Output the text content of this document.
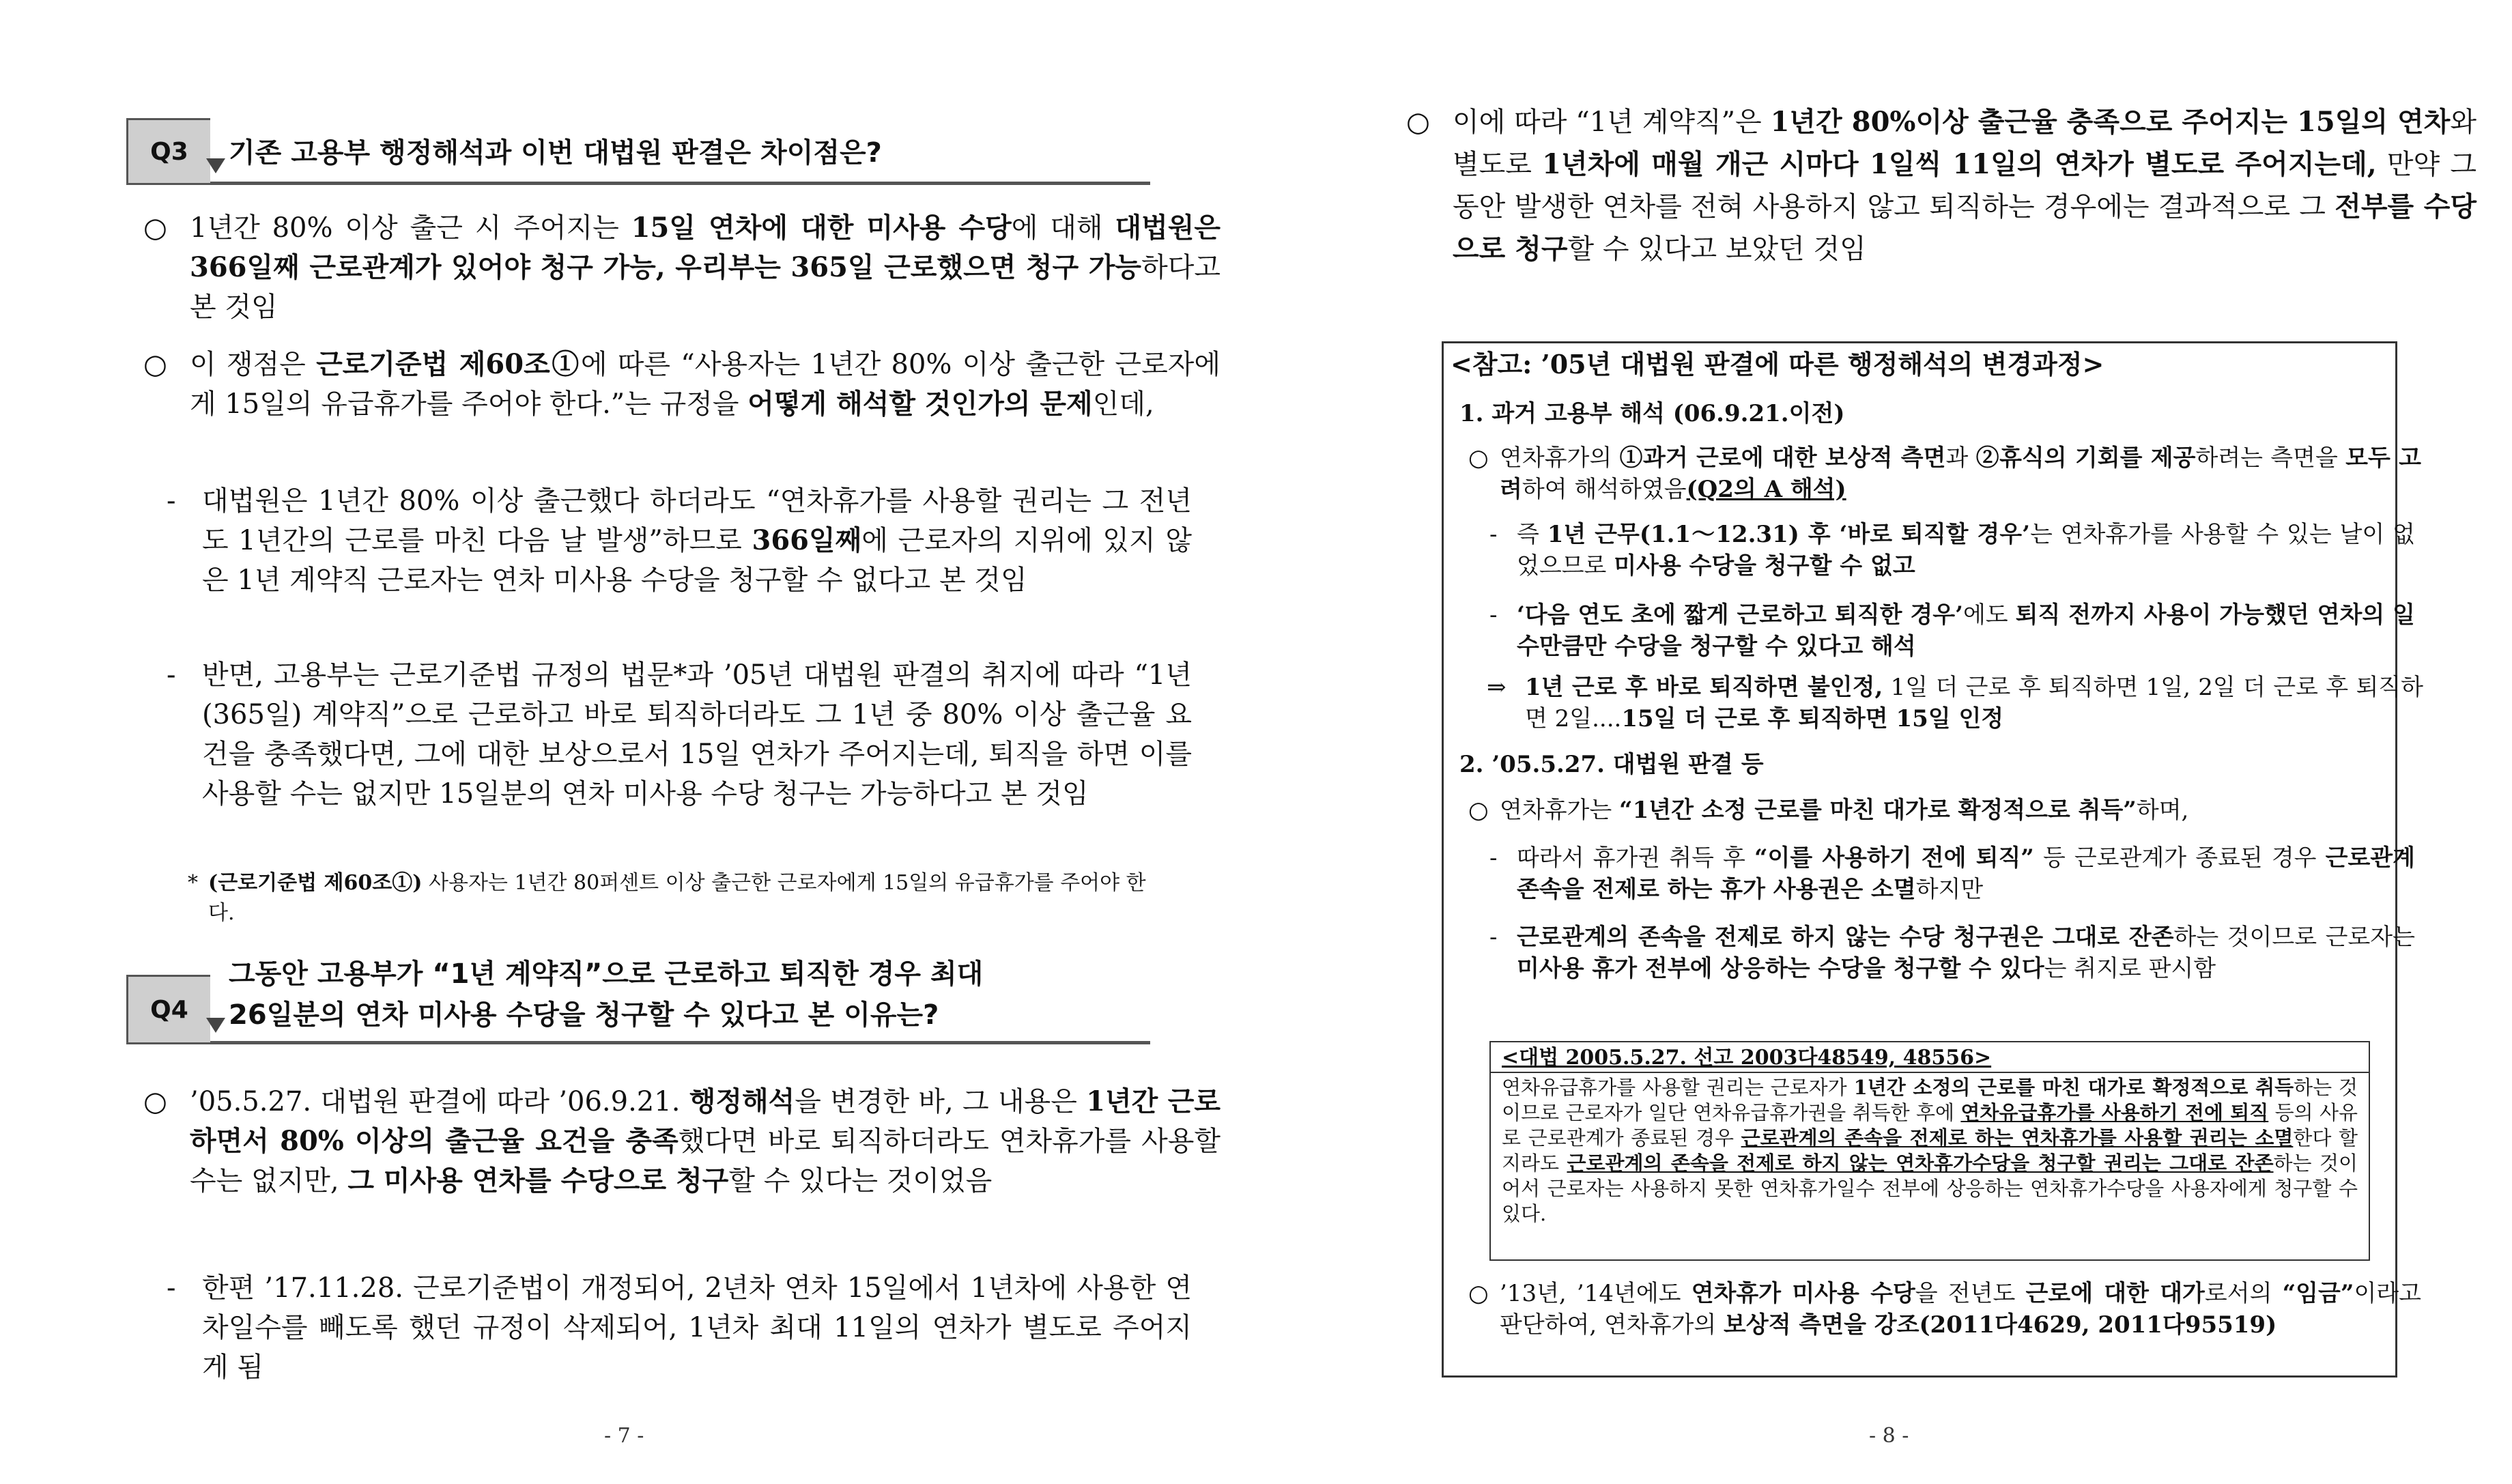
Q3 기존 고용부 행정해석과 이번 대법원 판결은 차이점은?
○ 1년간 80% 이상 출근 시 주어지는 15일 연차에 대한 미사용 수당에 대해 대법원은 366일째 근로관계가 있어야 청구 가능, 우리부는 365일 근로했으면 청구 가능하다고 본 것임
○ 이 쟁점은 근로기준법 제60조①에 따른 “사용자는 1년간 80% 이상 출근한 근로자에게 15일의 유급휴가를 주어야 한다.”는 규정을 어떻게 해석할 것인가의 문제인데,
- 대법원은 1년간 80% 이상 출근했다 하더라도 “연차휴가를 사용할 권리는 그 전년도 1년간의 근로를 마친 다음 날 발생”하므로 366일째에 근로자의 지위에 있지 않은 1년 계약직 근로자는 연차 미사용 수당을 청구할 수 없다고 본 것임
- 반면, 고용부는 근로기준법 규정의 법문*과 ’05년 대법원 판결의 취지에 따라 “1년(365일) 계약직”으로 근로하고 바로 퇴직하더라도 그 1년 중 80% 이상 출근율 요건을 충족했다면, 그에 대한 보상으로서 15일 연차가 주어지는데, 퇴직을 하면 이를 사용할 수는 없지만 15일분의 연차 미사용 수당 청구는 가능하다고 본 것임
* (근로기준법 제60조①) 사용자는 1년간 80퍼센트 이상 출근한 근로자에게 15일의 유급휴가를 주어야 한다.
Q4
그동안 고용부가 “1년 계약직”으로 근로하고 퇴직한 경우 최대
26일분의 연차 미사용 수당을 청구할 수 있다고 본 이유는?
○ ’05.5.27. 대법원 판결에 따라 ’06.9.21. 행정해석을 변경한 바, 그 내용은 1년간 근로하면서 80% 이상의 출근율 요건을 충족했다면 바로 퇴직하더라도 연차휴가를 사용할 수는 없지만, 그 미사용 연차를 수당으로 청구할 수 있다는 것이었음
- 한편 ’17.11.28. 근로기준법이 개정되어, 2년차 연차 15일에서 1년차에 사용한 연차일수를 빼도록 했던 규정이 삭제되어, 1년차 최대 11일의 연차가 별도로 주어지게 됨
- 7 -
○ 이에 따라 “1년 계약직”은 1년간 80%이상 출근율 충족으로 주어지는 15일의 연차와 별도로 1년차에 매월 개근 시마다 1일씩 11일의 연차가 별도로 주어지는데, 만약 그동안 발생한 연차를 전혀 사용하지 않고 퇴직하는 경우에는 결과적으로 그 전부를 수당으로 청구할 수 있다고 보았던 것임
<참고: ’05년 대법원 판결에 따른 행정해석의 변경과정>
1. 과거 고용부 해석 (06.9.21.이전)
○ 연차휴가의 ①과거 근로에 대한 보상적 측면과 ②휴식의 기회를 제공하려는 측면을 모두 고려하여 해석하였음(Q2의 A 해석)
- 즉 1년 근무(1.1～12.31) 후 ‘바로 퇴직할 경우’는 연차휴가를 사용할 수 있는 날이 없었으므로 미사용 수당을 청구할 수 없고
- ‘다음 연도 초에 짧게 근로하고 퇴직한 경우’에도 퇴직 전까지 사용이 가능했던 연차의 일수만큼만 수당을 청구할 수 있다고 해석
⇒ 1년 근로 후 바로 퇴직하면 불인정, 1일 더 근로 후 퇴직하면 1일, 2일 더 근로 후 퇴직하면 2일....15일 더 근로 후 퇴직하면 15일 인정
2. ’05.5.27. 대법원 판결 등
○ 연차휴가는 “1년간 소정 근로를 마친 대가로 확정적으로 취득”하며,
- 따라서 휴가권 취득 후 “이를 사용하기 전에 퇴직” 등 근로관계가 종료된 경우 근로관계 존속을 전제로 하는 휴가 사용권은 소멸하지만
- 근로관계의 존속을 전제로 하지 않는 수당 청구권은 그대로 잔존하는 것이므로 근로자는 미사용 휴가 전부에 상응하는 수당을 청구할 수 있다는 취지로 판시함
<대법 2005.5.27. 선고 2003다48549, 48556>
연차유급휴가를 사용할 권리는 근로자가 1년간 소정의 근로를 마친 대가로 확정적으로 취득하는 것이므로 근로자가 일단 연차유급휴가권을 취득한 후에 연차유급휴가를 사용하기 전에 퇴직 등의 사유로 근로관계가 종료된 경우 근로관계의 존속을 전제로 하는 연차휴가를 사용할 권리는 소멸한다 할지라도 근로관계의 존속을 전제로 하지 않는 연차휴가수당을 청구할 권리는 그대로 잔존하는 것이어서 근로자는 사용하지 못한 연차휴가일수 전부에 상응하는 연차휴가수당을 사용자에게 청구할 수 있다.
○ ’13년, ’14년에도 연차휴가 미사용 수당을 전년도 근로에 대한 대가로서의 “임금”이라고 판단하여, 연차휴가의 보상적 측면을 강조(2011다4629, 2011다95519)
- 8 -
